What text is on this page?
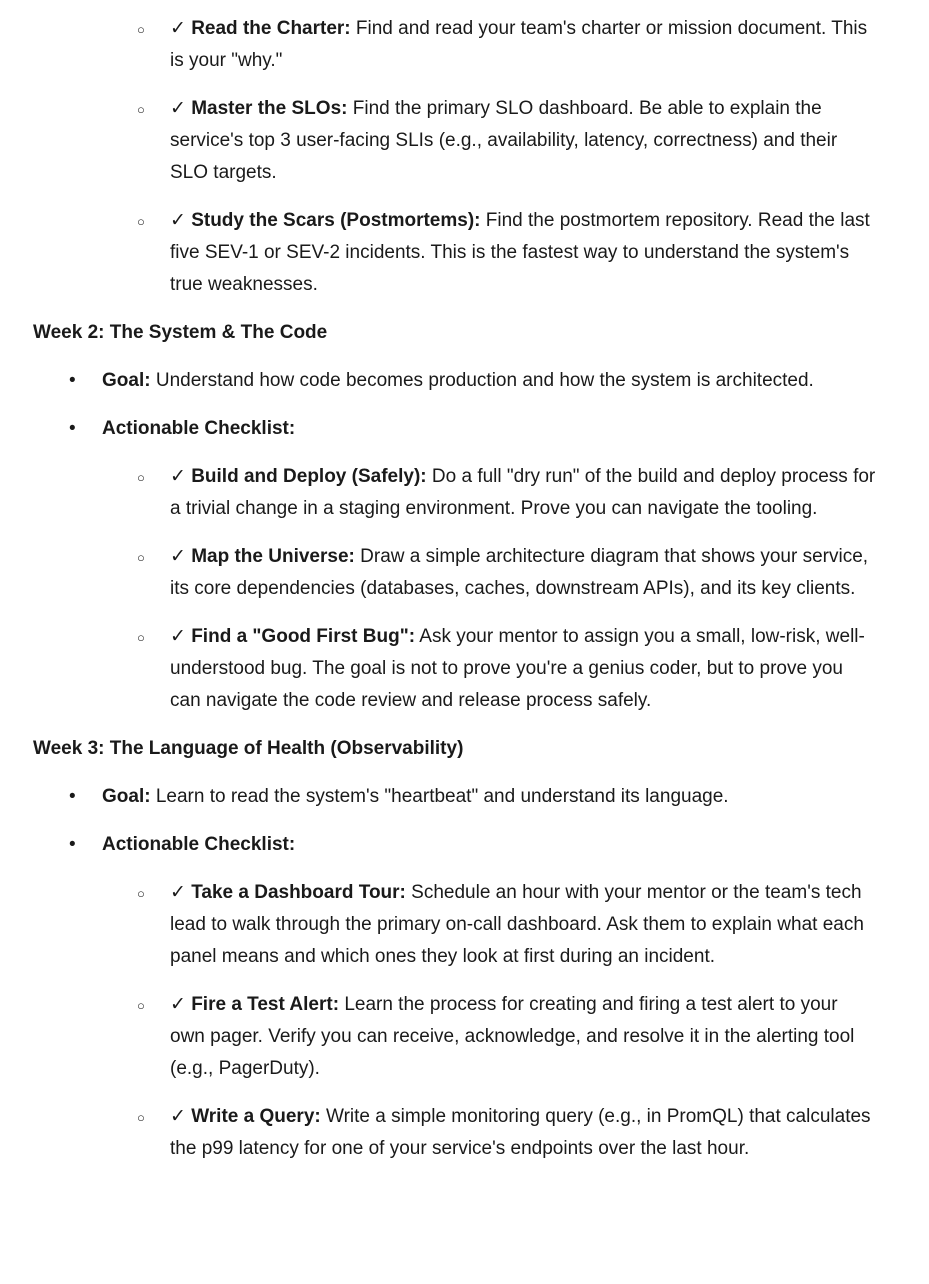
○ ✓ Read the Charter: Find and read your team's charter or mission document. This is your "why."

○ ✓ Master the SLOs: Find the primary SLO dashboard. Be able to explain the service's top 3 user-facing SLIs (e.g., availability, latency, correctness) and their SLO targets.

○ ✓ Study the Scars (Postmortems): Find the postmortem repository. Read the last five SEV-1 or SEV-2 incidents. This is the fastest way to understand the system's true weaknesses.

Week 2: The System & The Code

• Goal: Understand how code becomes production and how the system is architected.

• Actionable Checklist:

○ ✓ Build and Deploy (Safely): Do a full "dry run" of the build and deploy process for a trivial change in a staging environment. Prove you can navigate the tooling.

○ ✓ Map the Universe: Draw a simple architecture diagram that shows your service, its core dependencies (databases, caches, downstream APIs), and its key clients.

○ ✓ Find a "Good First Bug": Ask your mentor to assign you a small, low-risk, well-understood bug. The goal is not to prove you're a genius coder, but to prove you can navigate the code review and release process safely.

Week 3: The Language of Health (Observability)

• Goal: Learn to read the system's "heartbeat" and understand its language.

• Actionable Checklist:

○ ✓ Take a Dashboard Tour: Schedule an hour with your mentor or the team's tech lead to walk through the primary on-call dashboard. Ask them to explain what each panel means and which ones they look at first during an incident.

○ ✓ Fire a Test Alert: Learn the process for creating and firing a test alert to your own pager. Verify you can receive, acknowledge, and resolve it in the alerting tool (e.g., PagerDuty).

○ ✓ Write a Query: Write a simple monitoring query (e.g., in PromQL) that calculates the p99 latency for one of your service's endpoints over the last hour.
